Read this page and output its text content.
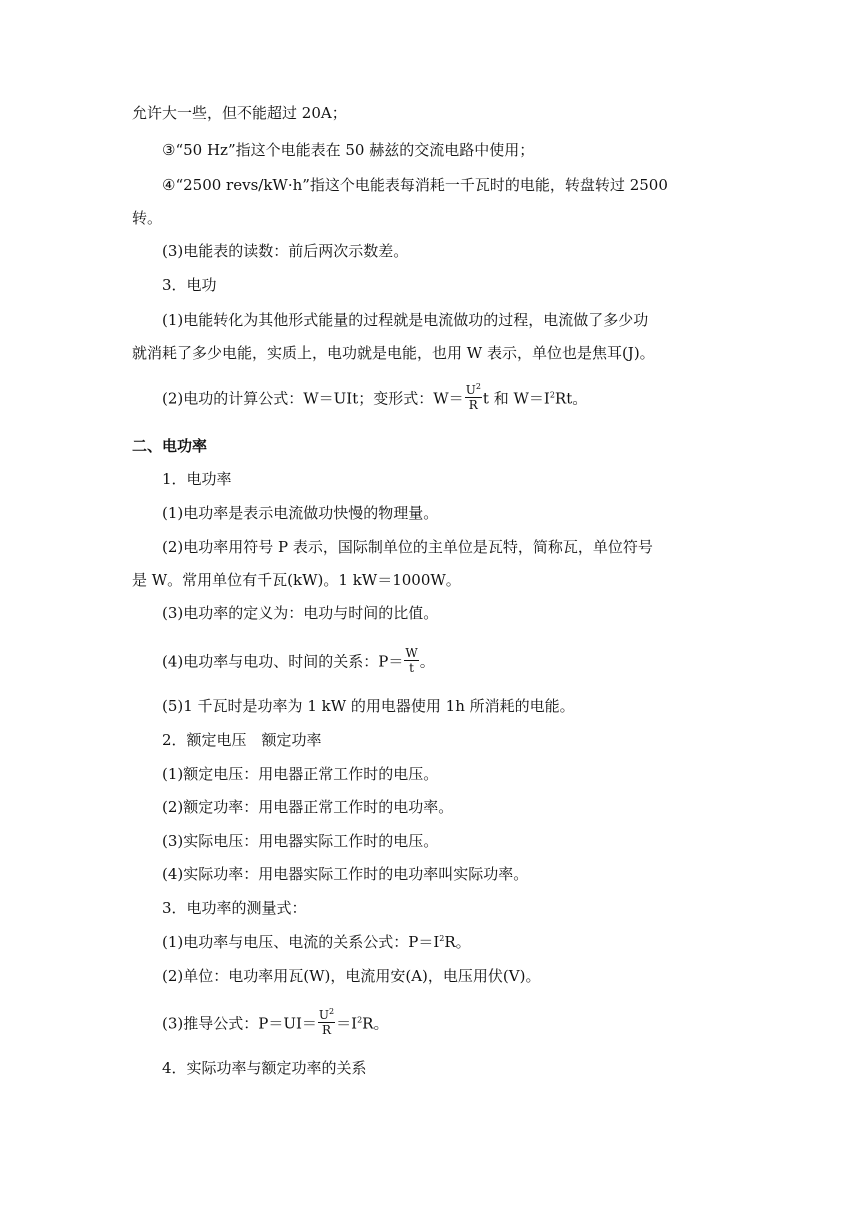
允许大一些，但不能超过 20A；
③“50 Hz”指这个电能表在 50 赫兹的交流电路中使用；
④“2500 revs/kW·h”指这个电能表每消耗一千瓦时的电能，转盘转过 2500
转。
(3)电能表的读数：前后两次示数差。
3．电功
(1)电能转化为其他形式能量的过程就是电流做功的过程，电流做了多少功
就消耗了多少电能，实质上，电功就是电能，也用 W 表示，单位也是焦耳(J)。
(2)电功的计算公式：W＝UIt；变形式：$W= \frac{U^2}{R}$ t 和 $W=I^2Rt$。
二、电功率
1．电功率
(1)电功率是表示电流做功快慢的物理量。
(2)电功率用符号 P 表示，国际制单位的主单位是瓦特，简称瓦，单位符号
是 W。常用单位有千瓦(kW)。1 kW＝1000W。
(3)电功率的定义为：电功与时间的比值。
(4)电功率与电功、时间的关系：$P= \frac{W}{t}$ 。
(5)1 千瓦时是功率为 1 kW 的用电器使用 1h 所消耗的电能。
2．额定电压　额定功率
(1)额定电压：用电器正常工作时的电压。
(2)额定功率：用电器正常工作时的电功率。
(3)实际电压：用电器实际工作时的电压。
(4)实际功率：用电器实际工作时的电功率叫实际功率。
3．电功率的测量式：
(1)电功率与电压、电流的关系公式：$P=I^2R$。
(2)单位：电功率用瓦(W)，电流用安(A)，电压用伏(V)。
(3)推导公式：$P=UI= \frac{U^2}{R} =I^2R$。
4．实际功率与额定功率的关系
